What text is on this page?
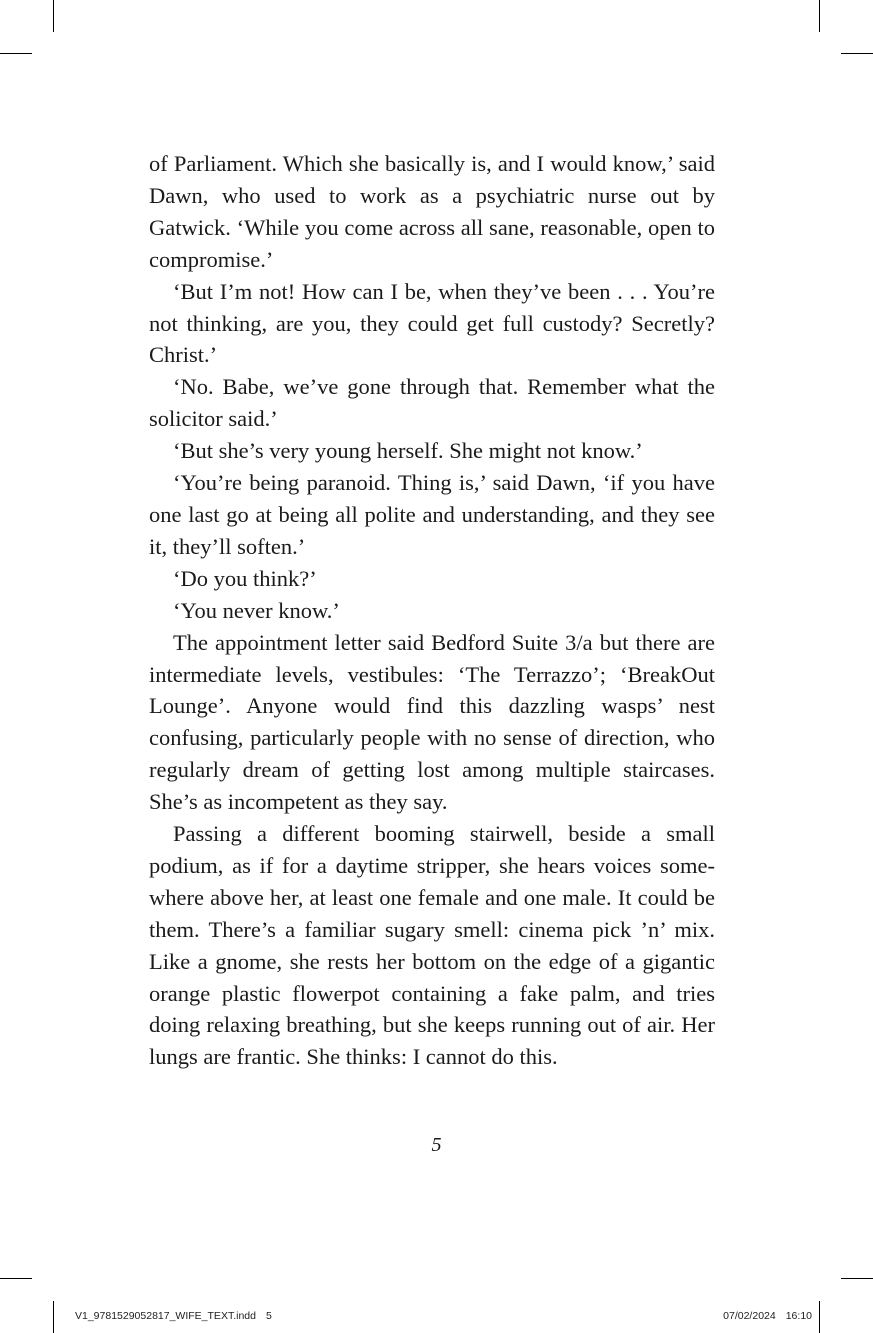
of Parliament. Which she basically is, and I would know,’ said Dawn, who used to work as a psychiatric nurse out by Gatwick. ‘While you come across all sane, reasonable, open to compromise.’

‘But I’m not! How can I be, when they’ve been . . . You’re not thinking, are you, they could get full custody? Secretly? Christ.’

‘No. Babe, we’ve gone through that. Remember what the solicitor said.’

‘But she’s very young herself. She might not know.’

‘You’re being paranoid. Thing is,’ said Dawn, ‘if you have one last go at being all polite and understanding, and they see it, they’ll soften.’

‘Do you think?’

‘You never know.’

The appointment letter said Bedford Suite 3/a but there are intermediate levels, vestibules: ‘The Terrazzo’; ‘BreakOut Lounge’. Anyone would find this dazzling wasps’ nest confusing, particularly people with no sense of direction, who regularly dream of getting lost among multiple staircases. She’s as incompetent as they say.

Passing a different booming stairwell, beside a small podium, as if for a daytime stripper, she hears voices somewhere above her, at least one female and one male. It could be them. There’s a familiar sugary smell: cinema pick ’n’ mix. Like a gnome, she rests her bottom on the edge of a gigantic orange plastic flowerpot containing a fake palm, and tries doing relaxing breathing, but she keeps running out of air. Her lungs are frantic. She thinks: I cannot do this.

5
V1_9781529052817_WIFE_TEXT.indd 5	07/02/2024 16:10
